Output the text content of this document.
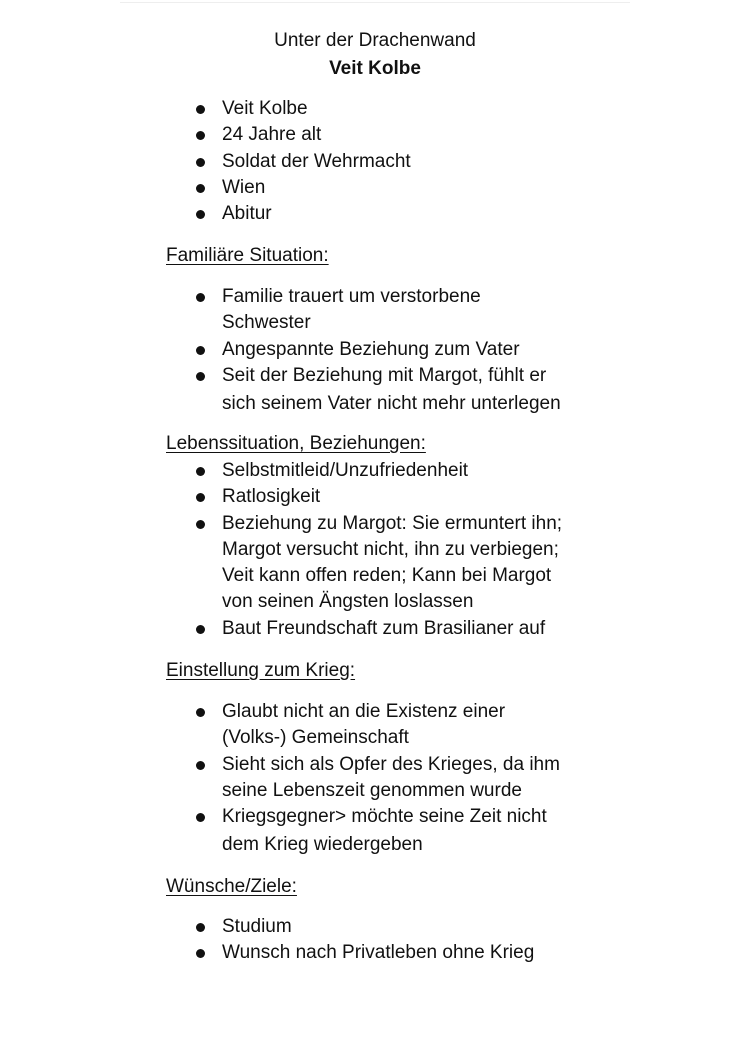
Unter der Drachenwand
Veit Kolbe
Veit Kolbe
24 Jahre alt
Soldat der Wehrmacht
Wien
Abitur
Familiäre Situation:
Familie trauert um verstorbene
Schwester
Angespannte Beziehung zum Vater
Seit der Beziehung mit Margot, fühlt er
sich seinem Vater nicht mehr unterlegen
Lebenssituation, Beziehungen:
Selbstmitleid/Unzufriedenheit
Ratlosigkeit
Beziehung zu Margot: Sie ermuntert ihn;
Margot versucht nicht, ihn zu verbiegen;
Veit kann offen reden; Kann bei Margot
von seinen Ängsten loslassen
Baut Freundschaft zum Brasilianer auf
Einstellung zum Krieg:
Glaubt nicht an die Existenz einer
(Volks-) Gemeinschaft
Sieht sich als Opfer des Krieges, da ihm
seine Lebenszeit genommen wurde
Kriegsgegner> möchte seine Zeit nicht
dem Krieg wiedergeben
Wünsche/Ziele:
Studium
Wunsch nach Privatleben ohne Krieg
